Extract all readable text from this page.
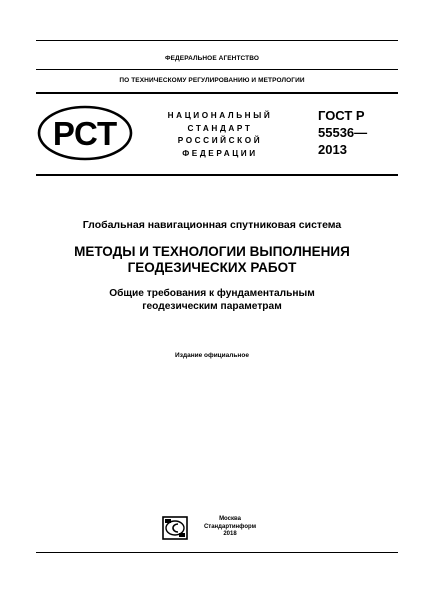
ФЕДЕРАЛЬНОЕ АГЕНТСТВО
ПО ТЕХНИЧЕСКОМУ РЕГУЛИРОВАНИЮ И МЕТРОЛОГИИ
РСТ	НАЦИОНАЛЬНЫЙ
СТАНДАРТ
РОССИЙСКОЙ
ФЕДЕРАЦИИ
ГОСТ Р
55536—
2013
Глобальная навигационная спутниковая система
МЕТОДЫ И ТЕХНОЛОГИИ ВЫПОЛНЕНИЯ
ГЕОДЕЗИЧЕСКИХ РАБОТ
Общие требования к фундаментальным
геодезическим параметрам
Издание официальное
Москва
Стандартинформ
2018
